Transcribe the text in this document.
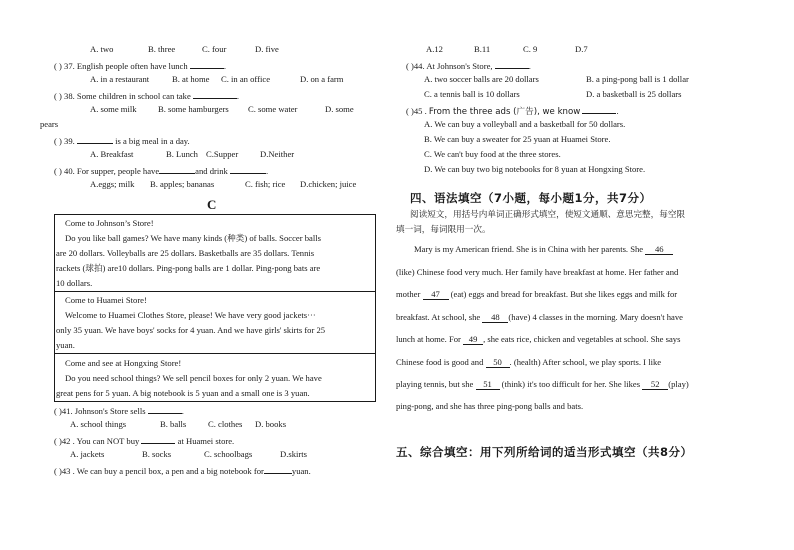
A. two	B. three	C. four	D. five
( ) 37. English people often have lunch	.
A. in a restaurant	B. at home C. in an office	D. on a farm
( ) 38. Some children in school can take	.
A. some milk B. some hamburgers C. some water	D. some
pears
( ) 39.	is a big meal in a day.
A. Breakfast	B. Lunch C.Supper	D.Neither
( ) 40. For supper, people have	and drink	.
A.eggs; milk B. apples; bananas	C. fish; rice D.chicken; juice
C
Come to Johnson’s Store!
Do you like ball games? We have many kinds (种类) of balls. Soccer balls
are 20 dollars. Volleyballs are 25 dollars. Basketballs are 35 dollars. Tennis
rackets (球拍) are10 dollars. Ping-pong balls are 1 dollar. Ping-pong bats are
10 dollars.
Come to Huamei Store!
Welcome to Huamei Clothes Store, please! We have very good jackets···
only 35 yuan. We have boys' socks for 4 yuan. And we have girls' skirts for 25
yuan.
Come and see at Hongxing Store!
Do you need school things? We sell pencil boxes for only 2 yuan. We have
great pens for 5 yuan. A big notebook is 5 yuan and a small one is 3 yuan.
( )41. Johnson's Store sells	.
A. school things	B. balls	C. clothes D. books
( )42 . You can NOT buy	at Huamei store.
A. jackets	B. socks	C. schoolbags	D.skirts
( )43 . We can buy a pencil box, a pen and a big notebook for	yuan.
A.12	B.11	C. 9	D.7
( )44. At Johnson's Store,	.
A. two soccer balls are 20 dollars	B. a ping-pong ball is 1 dollar
C. a tennis ball is 10 dollars	D. a basketball is 25 dollars
( )45 . From the three ads (广告), we know	.
A. We can buy a volleyball and a basketball for 50 dollars.
B. We can buy a sweater for 25 yuan at Huamei Store.
C. We can't buy food at the three stores.
D. We can buy two big notebooks for 8 yuan at Hongxing Store.
四、语法填空（7小题，每小题1分，共7分）
阅读短文，用括号内单词正确形式填空，使短文通顺、意思完整，每空限
填一词，每词限用一次。
Mary is my American friend. She is in China with her parents. She 46
(like) Chinese food very much. Her family have breakfast at home. Her father and
mother 47 (eat) eggs and bread for breakfast. But she likes eggs and milk for
breakfast. At school, she 48 (have) 4 classes in the morning. Mary doesn't have
lunch at home. For 49 , she eats rice, chicken and vegetables at school. She says
Chinese food is good and 50 . (health) After school, we play sports. I like
playing tennis, but she 51 (think) it's too difficult for her. She likes 52 (play)
ping-pong, and she has three ping-pong balls and bats.
五、综合填空：用下列所给词的适当形式填空（共8分）
